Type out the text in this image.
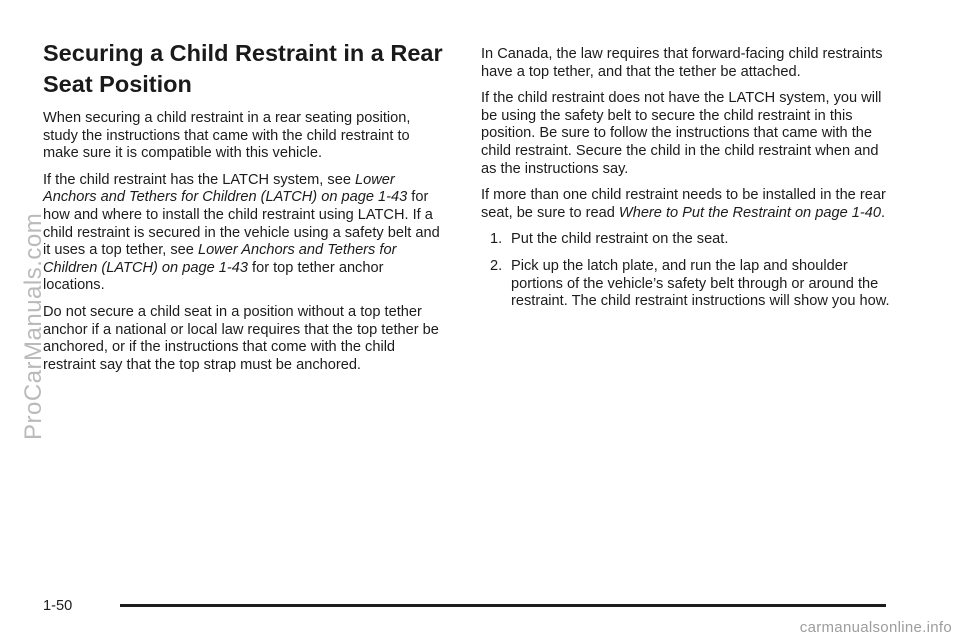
Securing a Child Restraint in a Rear Seat Position

When securing a child restraint in a rear seating position, study the instructions that came with the child restraint to make sure it is compatible with this vehicle.

If the child restraint has the LATCH system, see Lower Anchors and Tethers for Children (LATCH) on page 1-43 for how and where to install the child restraint using LATCH. If a child restraint is secured in the vehicle using a safety belt and it uses a top tether, see Lower Anchors and Tethers for Children (LATCH) on page 1-43 for top tether anchor locations.

Do not secure a child seat in a position without a top tether anchor if a national or local law requires that the top tether be anchored, or if the instructions that come with the child restraint say that the top strap must be anchored.

In Canada, the law requires that forward-facing child restraints have a top tether, and that the tether be attached.

If the child restraint does not have the LATCH system, you will be using the safety belt to secure the child restraint in this position. Be sure to follow the instructions that came with the child restraint. Secure the child in the child restraint when and as the instructions say.

If more than one child restraint needs to be installed in the rear seat, be sure to read Where to Put the Restraint on page 1-40.

1. Put the child restraint on the seat.
2. Pick up the latch plate, and run the lap and shoulder portions of the vehicle’s safety belt through or around the restraint. The child restraint instructions will show you how.
ProCarManuals.com
1-50
carmanualsonline.info
